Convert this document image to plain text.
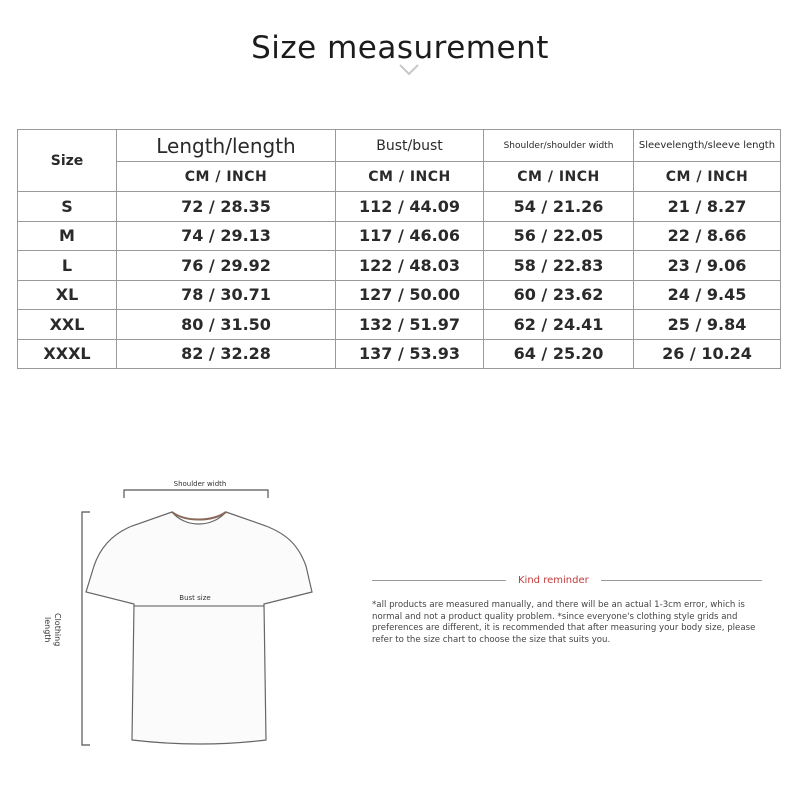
Size measurement
Size	Length/length	Bust/bust	Shoulder/shoulder width	Sleevelength/sleeve length
	CM / INCH	CM / INCH	CM / INCH	CM / INCH
S	72 / 28.35	112 / 44.09	54 / 21.26	21 / 8.27
M	74 / 29.13	117 / 46.06	56 / 22.05	22 / 8.66
L	76 / 29.92	122 / 48.03	58 / 22.83	23 / 9.06
XL	78 / 30.71	127 / 50.00	60 / 23.62	24 / 9.45
XXL	80 / 31.50	132 / 51.97	62 / 24.41	25 / 9.84
XXXL	82 / 32.28	137 / 53.93	64 / 25.20	26 / 10.24
Shoulder width
Bust size
Clothing length
Kind reminder
*all products are measured manually, and there will be an actual 1-3cm error, which is normal and not a product quality problem. *since everyone's clothing style grids and preferences are different, it is recommended that after measuring your body size, please refer to the size chart to choose the size that suits you.
